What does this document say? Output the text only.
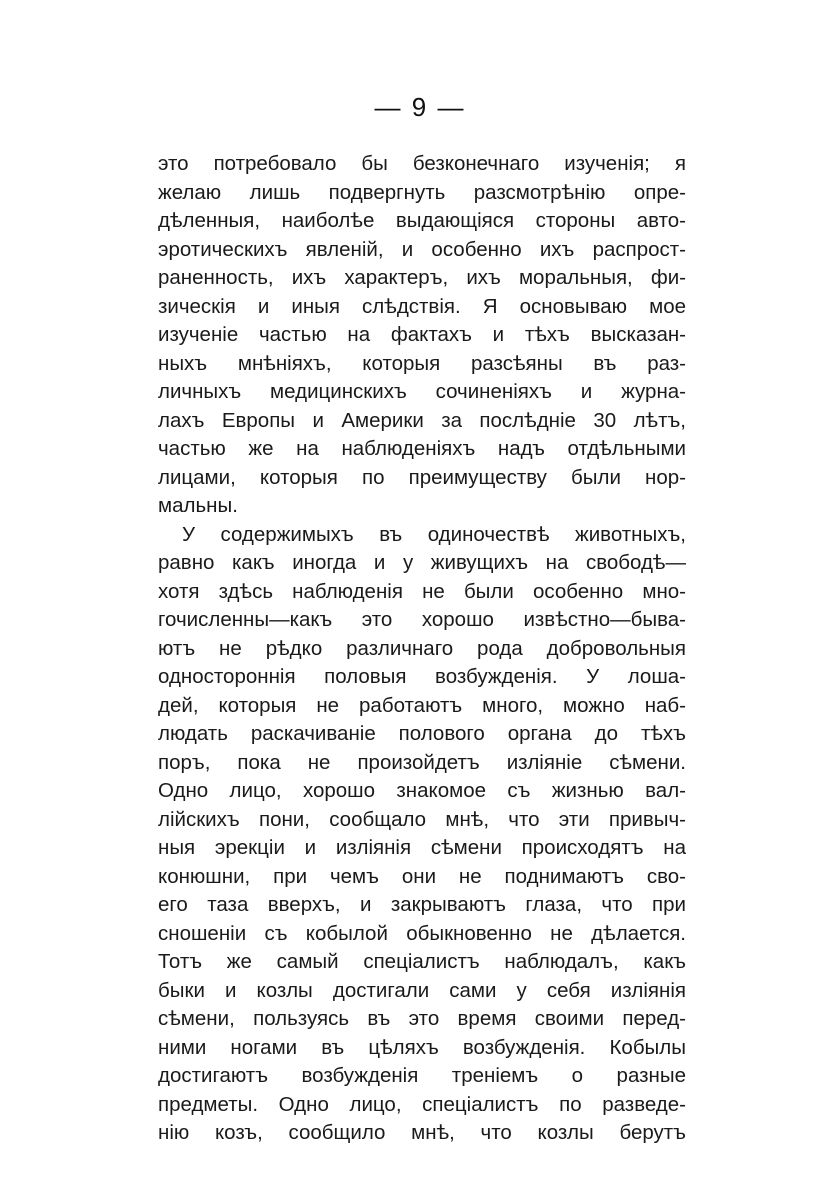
— 9 —
это потребовало бы безконечнаго изученія; я
желаю лишь подвергнуть разсмотрѣнію опре-
дѣленныя, наиболѣе выдающіяся стороны авто-
эротическихъ явленій, и особенно ихъ распрост-
раненность, ихъ характеръ, ихъ моральныя, фи-
зическія и иныя слѣдствія. Я основываю мое
изученіе частью на фактахъ и тѣхъ высказан-
ныхъ мнѣніяхъ, которыя разсѣяны въ раз-
личныхъ медицинскихъ сочиненіяхъ и журна-
лахъ Европы и Америки за послѣдніе 30 лѣтъ,
частью же на наблюденіяхъ надъ отдѣльными
лицами, которыя по преимуществу были нор-
мальны.
У содержимыхъ въ одиночествѣ животныхъ,
равно какъ иногда и у живущихъ на свободѣ—
хотя здѣсь наблюденія не были особенно мно-
гочисленны—какъ это хорошо извѣстно—быва-
ютъ не рѣдко различнаго рода добровольныя
одностороннія половыя возбужденія. У лоша-
дей, которыя не работаютъ много, можно наб-
людать раскачиваніе полового органа до тѣхъ
поръ, пока не произойдетъ изліяніе сѣмени.
Одно лицо, хорошо знакомое съ жизнью вал-
лійскихъ пони, сообщало мнѣ, что эти привыч-
ныя эрекціи и изліянія сѣмени происходятъ на
конюшни, при чемъ они не поднимаютъ сво-
его таза вверхъ, и закрываютъ глаза, что при
сношеніи съ кобылой обыкновенно не дѣлается.
Тотъ же самый спеціалистъ наблюдалъ, какъ
быки и козлы достигали сами у себя изліянія
сѣмени, пользуясь въ это время своими перед-
ними ногами въ цѣляхъ возбужденія. Кобылы
достигаютъ возбужденія треніемъ о разные
предметы. Одно лицо, спеціалистъ по разведе-
нію козъ, сообщило мнѣ, что козлы берутъ
